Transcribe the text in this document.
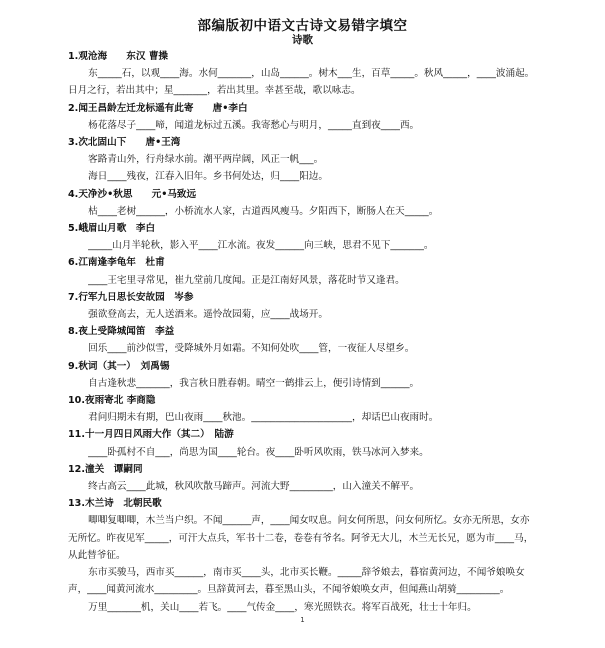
部编版初中语文古诗文易错字填空
诗歌
1.观沧海　　东汉 曹操
东_____石，以观____海。水何_______，山岛______。树木___生，百草_____。秋风_____，____波涌起。日月之行，若出其中；星_______，若出其里。幸甚至哉，歌以咏志。
2.闻王昌龄左迁龙标遥有此寄　　唐•李白
杨花落尽子____啼，闻道龙标过五溪。我寄愁心与明月，_____直到夜____西。
3.次北固山下　　唐•王湾
客路青山外，行舟绿水前。潮平两岸阔，风正一帆___。
海日____残夜，江春入旧年。乡书何处达，归____阳边。
4.天净沙•秋思　　元•马致远
枯____老树______，小桥流水人家，古道西风瘦马。夕阳西下，断肠人在天_____。
5.峨眉山月歌　李白
_____山月半轮秋，影入平____江水流。夜发______向三峡，思君不见下_______。
6.江南逢李龟年　杜甫
____王宅里寻常见，崔九堂前几度闻。正是江南好风景，落花时节又逢君。
7.行军九日思长安故园　岑参
强欲登高去，无人送酒来。遥怜故园菊，应____战场开。
8.夜上受降城闻笛　李益
回乐____前沙似雪，受降城外月如霜。不知何处吹____管，一夜征人尽望乡。
9.秋词（其一）　刘禹锡
自古逢秋悲_______，我言秋日胜春朝。晴空一鹤排云上，便引诗情到______。
10.夜雨寄北 李商隐
君问归期未有期，巴山夜雨____秋池。_____________________，却话巴山夜雨时。
11.十一月四日风雨大作（其二）　陆游
____卧孤村不自___，尚思为国____轮台。夜____卧听风吹雨，铁马冰河入梦来。
12.潼关　谭嗣同
终古高云____此城，秋风吹散马蹄声。河流大野_________，山入潼关不解平。
13.木兰诗　北朝民歌
唧唧复唧唧，木兰当户织。不闻______声，____闻女叹息。问女何所思，问女何所忆。女亦无所思，女亦无所忆。昨夜见军_____，可汗大点兵，军书十二卷，卷卷有爷名。阿爷无大儿，木兰无长兄，愿为市____马，从此替爷征。
东市买骏马，西市买______，南市买____头，北市买长鞭。_____辞爷娘去，暮宿黄河边，不闻爷娘唤女声，____闻黄河流水_________。旦辞黄河去，暮至黑山头，不闻爷娘唤女声，但闻燕山胡骑_________。
万里_______机，关山____若飞。____气传金____，寒光照铁衣。将军百战死，壮士十年归。
1
